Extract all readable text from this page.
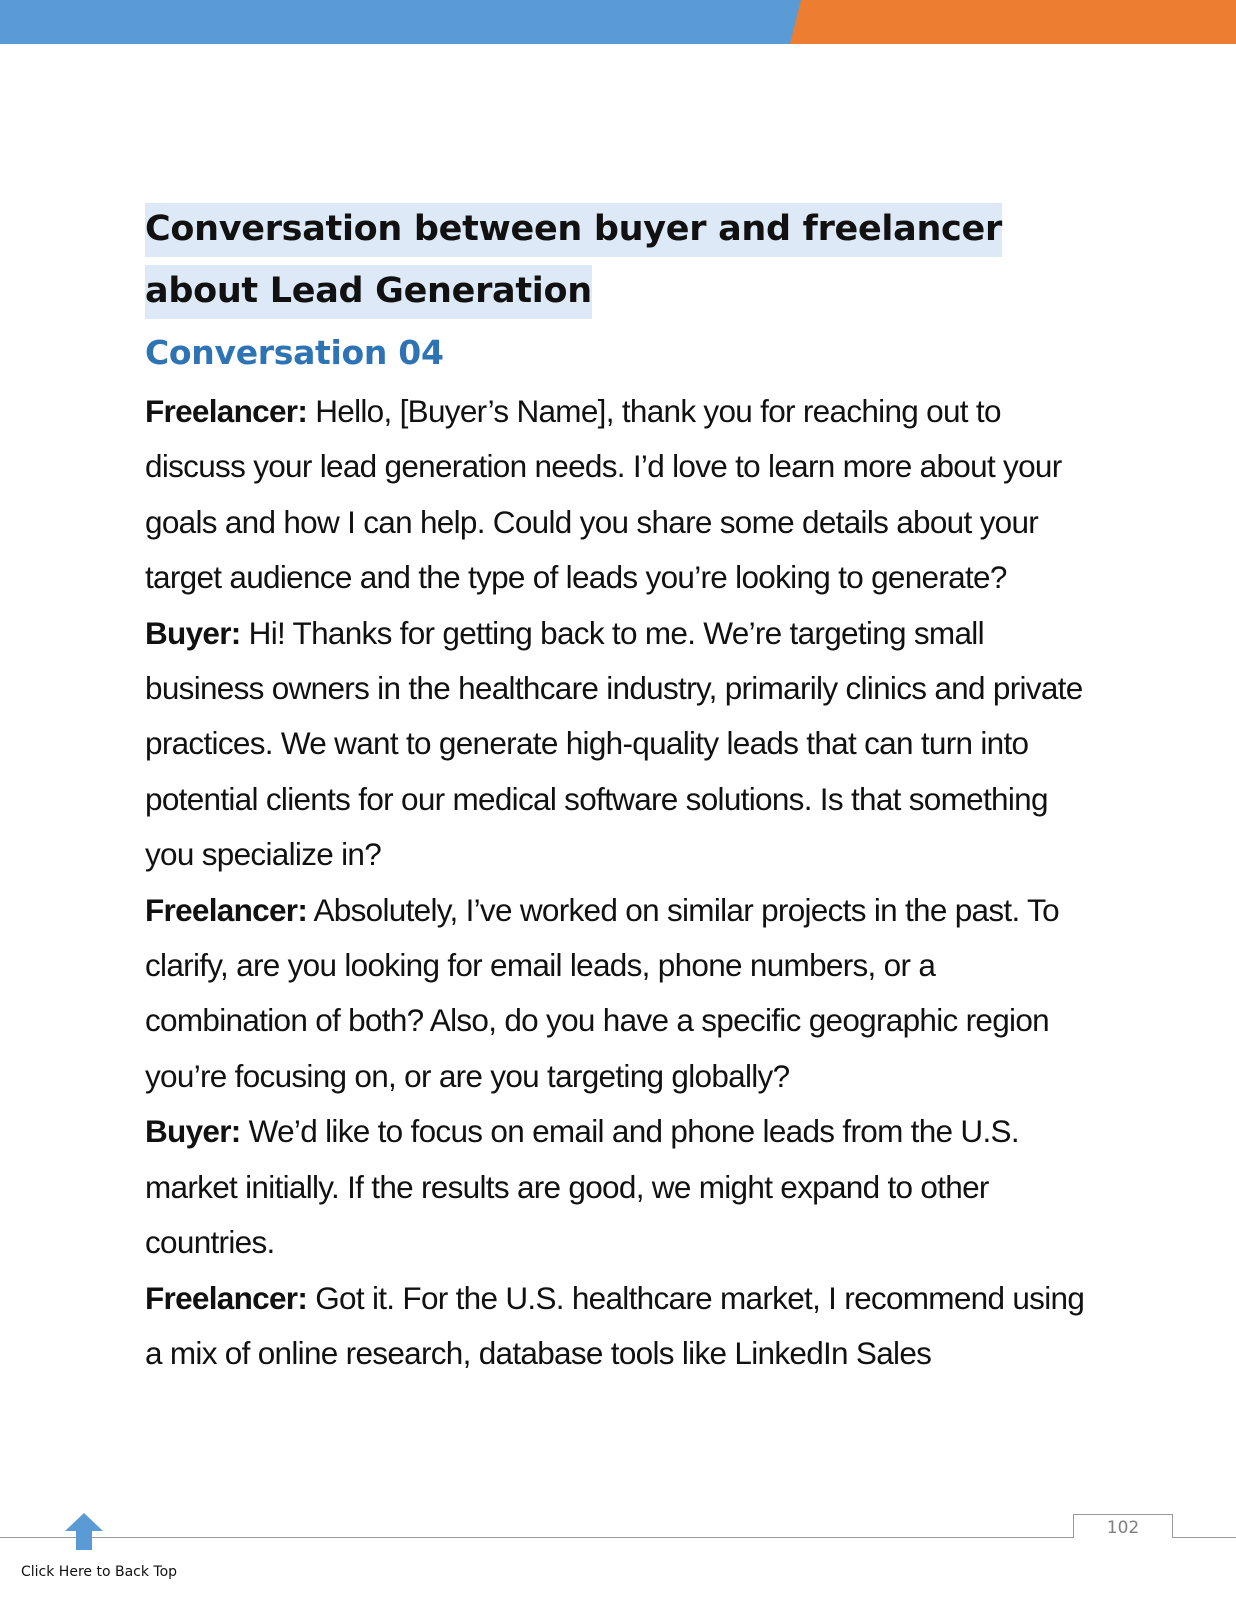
Conversation between buyer and freelancer about Lead Generation
Conversation 04

Freelancer: Hello, [Buyer’s Name], thank you for reaching out to discuss your lead generation needs. I’d love to learn more about your goals and how I can help. Could you share some details about your target audience and the type of leads you’re looking to generate?

Buyer: Hi! Thanks for getting back to me. We’re targeting small business owners in the healthcare industry, primarily clinics and private practices. We want to generate high-quality leads that can turn into potential clients for our medical software solutions. Is that something you specialize in?

Freelancer: Absolutely, I’ve worked on similar projects in the past. To clarify, are you looking for email leads, phone numbers, or a combination of both? Also, do you have a specific geographic region you’re focusing on, or are you targeting globally?

Buyer: We’d like to focus on email and phone leads from the U.S. market initially. If the results are good, we might expand to other countries.

Freelancer: Got it. For the U.S. healthcare market, I recommend using a mix of online research, database tools like LinkedIn Sales

102
Click Here to Back Top
